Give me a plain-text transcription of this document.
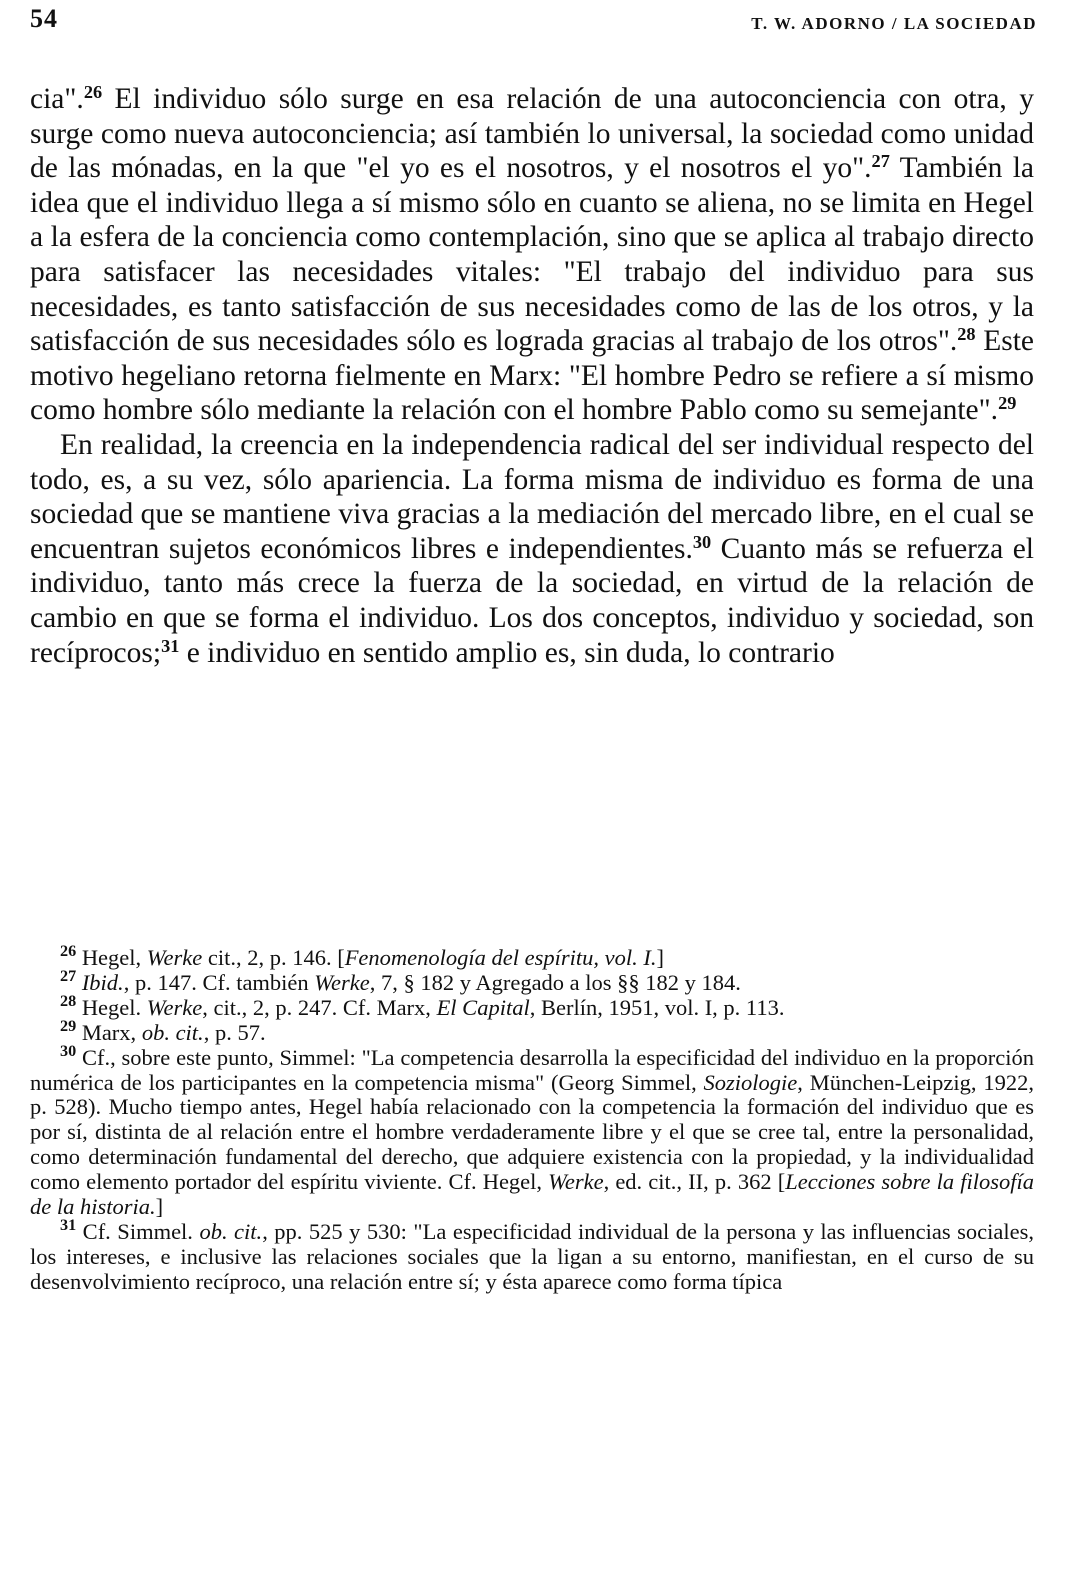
54	T. W. ADORNO / LA SOCIEDAD

cia".$^{26}$ El individuo sólo surge en esa relación de una autoconciencia con otra, y surge como nueva autoconciencia; así también lo universal, la sociedad como unidad de las mónadas, en la que "el yo es el nosotros, y el nosotros el yo".$^{27}$ También la idea que el individuo llega a sí mismo sólo en cuanto se aliena, no se limita en Hegel a la esfera de la conciencia como contemplación, sino que se aplica al trabajo directo para satisfacer las necesidades vitales: "El trabajo del individuo para sus necesidades, es tanto satisfacción de sus necesidades como de las de los otros, y la satisfacción de sus necesidades sólo es lograda gracias al trabajo de los otros".$^{28}$ Este motivo hegeliano retorna fielmente en Marx: "El hombre Pedro se refiere a sí mismo como hombre sólo mediante la relación con el hombre Pablo como su semejante".$^{29}$

En realidad, la creencia en la independencia radical del ser individual respecto del todo, es, a su vez, sólo apariencia. La forma misma de individuo es forma de una sociedad que se mantiene viva gracias a la mediación del mercado libre, en el cual se encuentran sujetos económicos libres e independientes.$^{30}$ Cuanto más se refuerza el individuo, tanto más crece la fuerza de la sociedad, en virtud de la relación de cambio en que se forma el individuo. Los dos conceptos, individuo y sociedad, son recíprocos;$^{31}$ e individuo en sentido amplio es, sin duda, lo contrario

$^{26}$ Hegel, Werke cit., 2, p. 146. [Fenomenología del espíritu, vol. I.]

$^{27}$ Ibid., p. 147. Cf. también Werke, 7, § 182 y Agregado a los §§ 182 y 184.

$^{28}$ Hegel. Werke, cit., 2, p. 247. Cf. Marx, El Capital, Berlín, 1951, vol. I, p. 113.

$^{29}$ Marx, ob. cit., p. 57.

$^{30}$ Cf., sobre este punto, Simmel: "La competencia desarrolla la especificidad del individuo en la proporción numérica de los participantes en la competencia misma" (Georg Simmel, Soziologie, München-Leipzig, 1922, p. 528). Mucho tiempo antes, Hegel había relacionado con la competencia la formación del individuo que es por sí, distinta de al relación entre el hombre verdaderamente libre y el que se cree tal, entre la personalidad, como determinación fundamental del derecho, que adquiere existencia con la propiedad, y la individualidad como elemento portador del espíritu viviente. Cf. Hegel, Werke, ed. cit., II, p. 362 [Lecciones sobre la filosofía de la historia.]

$^{31}$ Cf. Simmel. ob. cit., pp. 525 y 530: "La especificidad individual de la persona y las influencias sociales, los intereses, e inclusive las relaciones sociales que la ligan a su entorno, manifiestan, en el curso de su desenvolvimiento recíproco, una relación entre sí; y ésta aparece como forma típica
